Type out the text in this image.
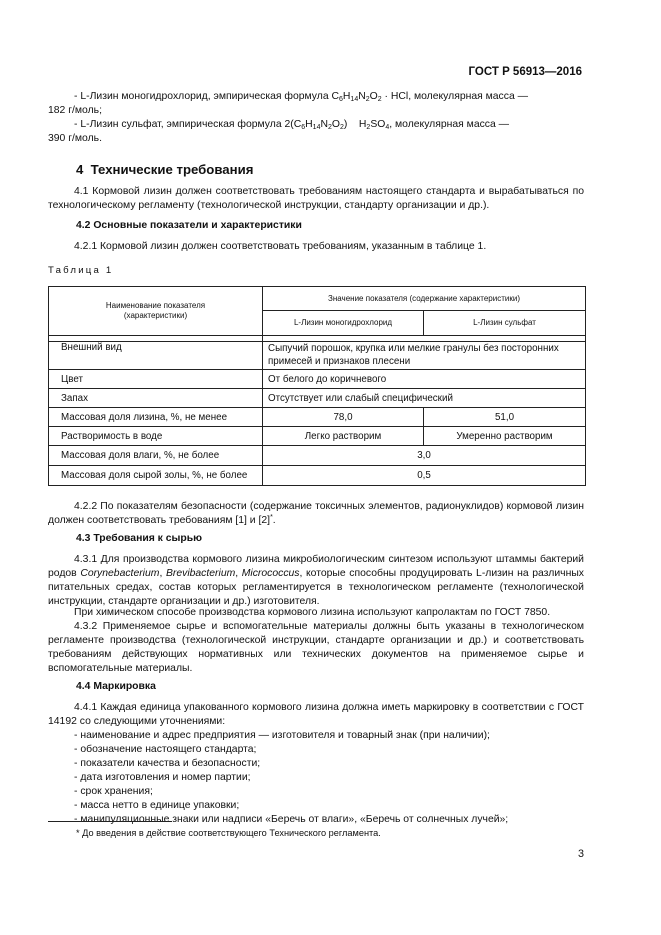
ГОСТ Р 56913—2016

- L-Лизин моногидрохлорид, эмпирическая формула $C_6H_{14}N_2O_2$ · HCl, молекулярная масса —
182 г/моль;

- L-Лизин сульфат, эмпирическая формула $2(C_6H_{14}N_2O_2)$    $H_2SO_4$, молекулярная масса —
390 г/моль.

4  Технические требования

4.1 Кормовой лизин должен соответствовать требованиям настоящего стандарта и вырабатываться по технологическому регламенту (технологической инструкции, стандарту организации и др.).

4.2 Основные показатели и характеристики

4.2.1 Кормовой лизин должен соответствовать требованиям, указанным в таблице 1.

Таблица 1
Наименование показателя (характеристики)	Значение показателя (содержание характеристики)	
	L-Лизин моногидрохлорид	L-Лизин сульфат

Внешний вид	Сыпучий порошок, крупка или мелкие гранулы без посторонних примесей и признаков плесени	
Цвет	От белого до коричневого	
Запах	Отсутствует или слабый специфический	
Массовая доля лизина, %, не менее	78,0	51,0
Растворимость в воде	Легко растворим	Умеренно растворим
Массовая доля влаги, %, не более	3,0	
Массовая доля сырой золы, %, не более	0,5	

4.2.2 По показателям безопасности (содержание токсичных элементов, радионуклидов) кормовой лизин должен соответствовать требованиям [1] и [2]*.

4.3 Требования к сырью

4.3.1 Для производства кормового лизина микробиологическим синтезом используют штаммы бактерий родов Corynebacterium, Brevibacterium, Micrococcus, которые способны продуцировать L-лизин на различных питательных средах, состав которых регламентируется в технологическом регламенте (технологической инструкции, стандарте организации и др.) изготовителя.

При химическом способе производства кормового лизина используют капролактам по ГОСТ 7850.

4.3.2 Применяемое сырье и вспомогательные материалы должны быть указаны в технологическом регламенте производства (технологической инструкции, стандарте организации и др.) и соответствовать требованиям действующих нормативных или технических документов на применяемое сырье и вспомогательные материалы.

4.4 Маркировка

4.4.1 Каждая единица упакованного кормового лизина должна иметь маркировку в соответствии с ГОСТ 14192 со следующими уточнениями:

- наименование и адрес предприятия — изготовителя и товарный знак (при наличии);
- обозначение настоящего стандарта;
- показатели качества и безопасности;
- дата изготовления и номер партии;
- срок хранения;
- масса нетто в единице упаковки;
- манипуляционные знаки или надписи «Беречь от влаги», «Беречь от солнечных лучей»;
* До введения в действие соответствующего Технического регламента.
3
